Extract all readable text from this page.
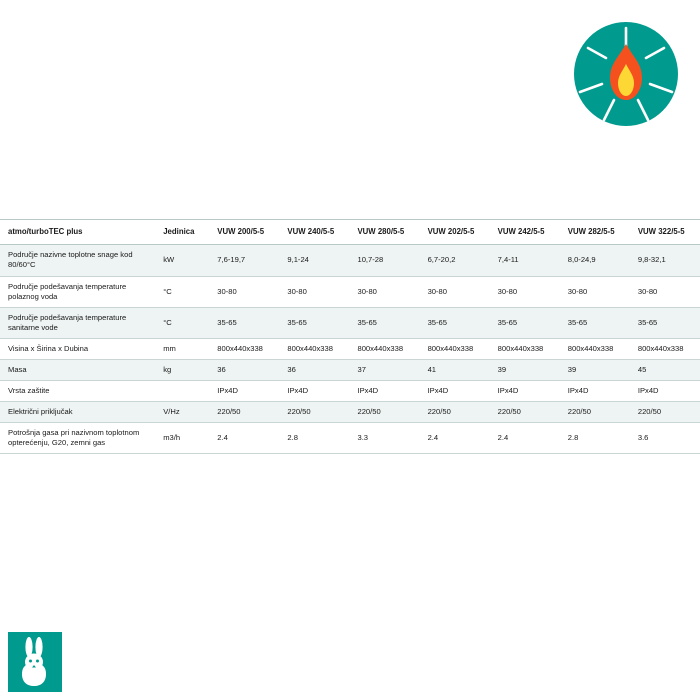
atmo/turboTEC plus	Jedinica	VUW 200/5-5	VUW 240/5-5	VUW 280/5-5	VUW 202/5-5	VUW 242/5-5	VUW 282/5-5	VUW 322/5-5
Područje nazivne toplotne snage kod 80/60°C	kW	7,6-19,7	9,1-24	10,7-28	6,7-20,2	7,4-11	8,0-24,9	9,8-32,1
Područje podešavanja temperature polaznog voda	°C	30-80	30-80	30-80	30-80	30-80	30-80	30-80
Područje podešavanja temperature sanitarne vode	°C	35-65	35-65	35-65	35-65	35-65	35-65	35-65
Visina x Širina x Dubina	mm	800x440x338	800x440x338	800x440x338	800x440x338	800x440x338	800x440x338	800x440x338
Masa	kg	36	36	37	41	39	39	45
Vrsta zaštite		IPx4D	IPx4D	IPx4D	IPx4D	IPx4D	IPx4D	IPx4D
Električni priključak	V/Hz	220/50	220/50	220/50	220/50	220/50	220/50	220/50
Potrošnja gasa pri nazivnom toplotnom opterećenju, G20, zemni gas	m3/h	2.4	2.8	3.3	2.4	2.4	2.8	3.6
